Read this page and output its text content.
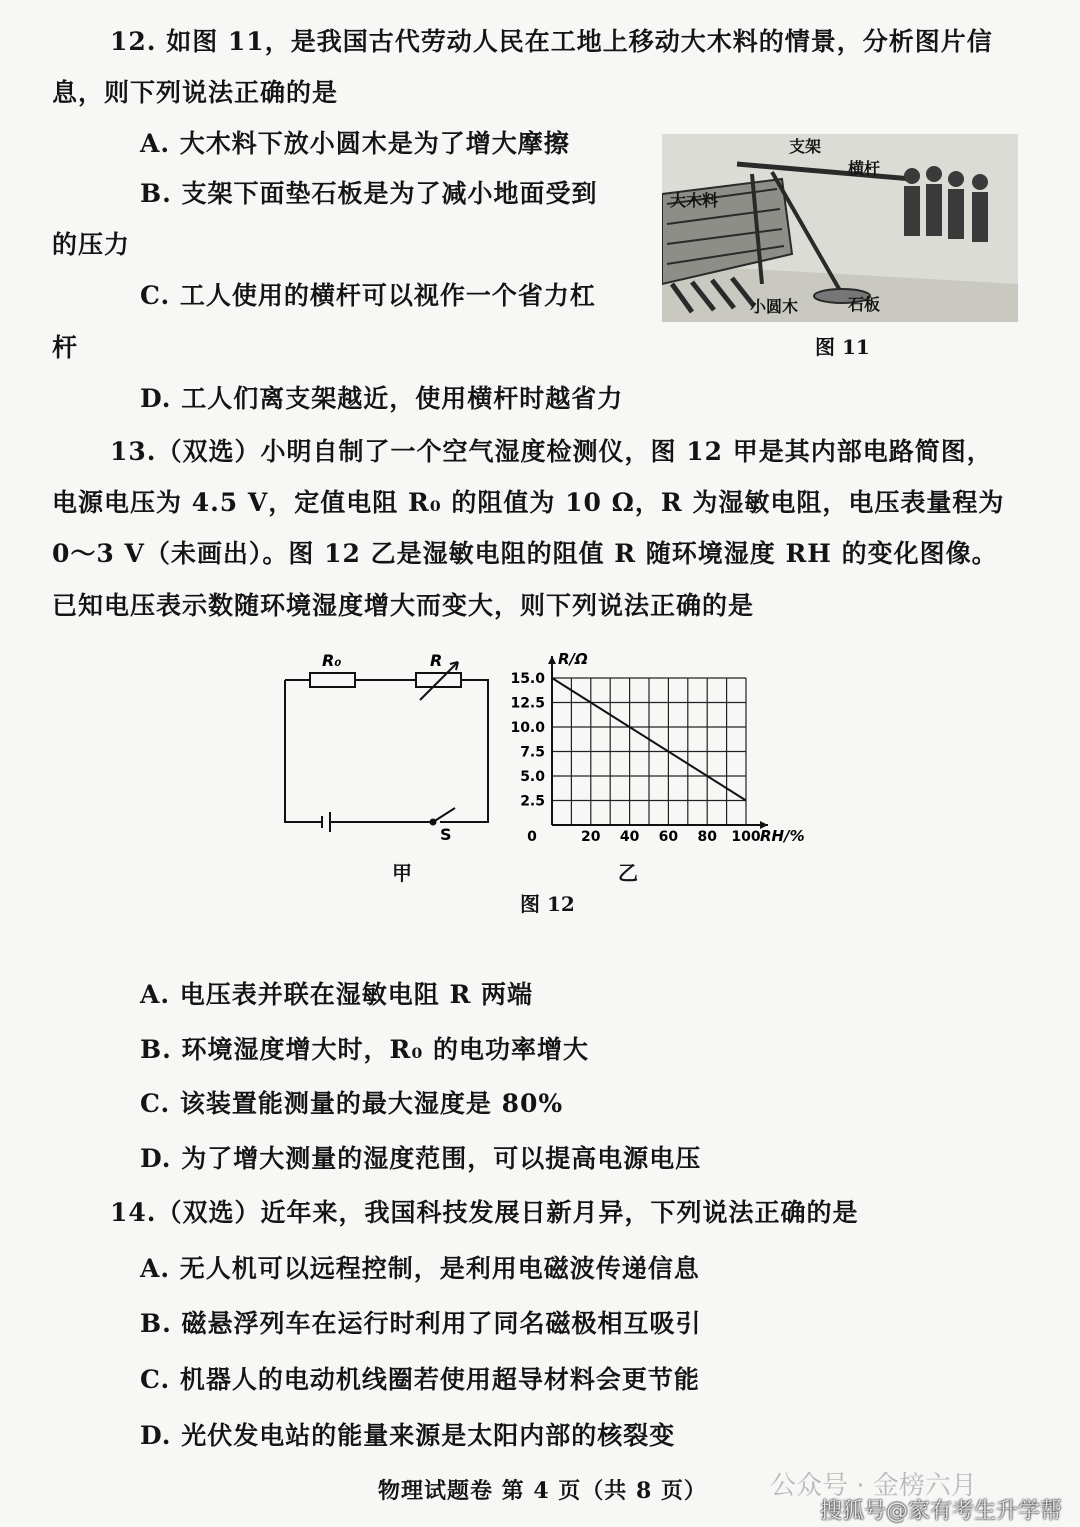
12. 如图 11，是我国古代劳动人民在工地上移动大木料的情景，分析图片信
息，则下列说法正确的是
A. 大木料下放小圆木是为了增大摩擦
B. 支架下面垫石板是为了减小地面受到
的压力
C. 工人使用的横杆可以视作一个省力杠
杆
D. 工人们离支架越近，使用横杆时越省力
支架
横杆
大木料
小圆木	石板
图 11
13.（双选）小明自制了一个空气湿度检测仪，图 12 甲是其内部电路简图，
电源电压为 4.5 V，定值电阻 R₀ 的阻值为 10 Ω，R 为湿敏电阻，电压表量程为
0～3 V（未画出）。图 12 乙是湿敏电阻的阻值 R 随环境湿度 RH 的变化图像。
已知电压表示数随环境湿度增大而变大，则下列说法正确的是
R₀	R
S
甲
0	20 40 60 80 100
2.5
5.0
7.5
10.0
12.5
15.0
R/Ω
RH/%
乙
图 12
A. 电压表并联在湿敏电阻 R 两端
B. 环境湿度增大时，R₀ 的电功率增大
C. 该装置能测量的最大湿度是 80%
D. 为了增大测量的湿度范围，可以提高电源电压
14.（双选）近年来，我国科技发展日新月异，下列说法正确的是
A. 无人机可以远程控制，是利用电磁波传递信息
B. 磁悬浮列车在运行时利用了同名磁极相互吸引
C. 机器人的电动机线圈若使用超导材料会更节能
D. 光伏发电站的能量来源是太阳内部的核裂变
物理试题卷 第 4 页（共 8 页） 公众号 · 金榜六月
搜狐号@家有考生升学帮
